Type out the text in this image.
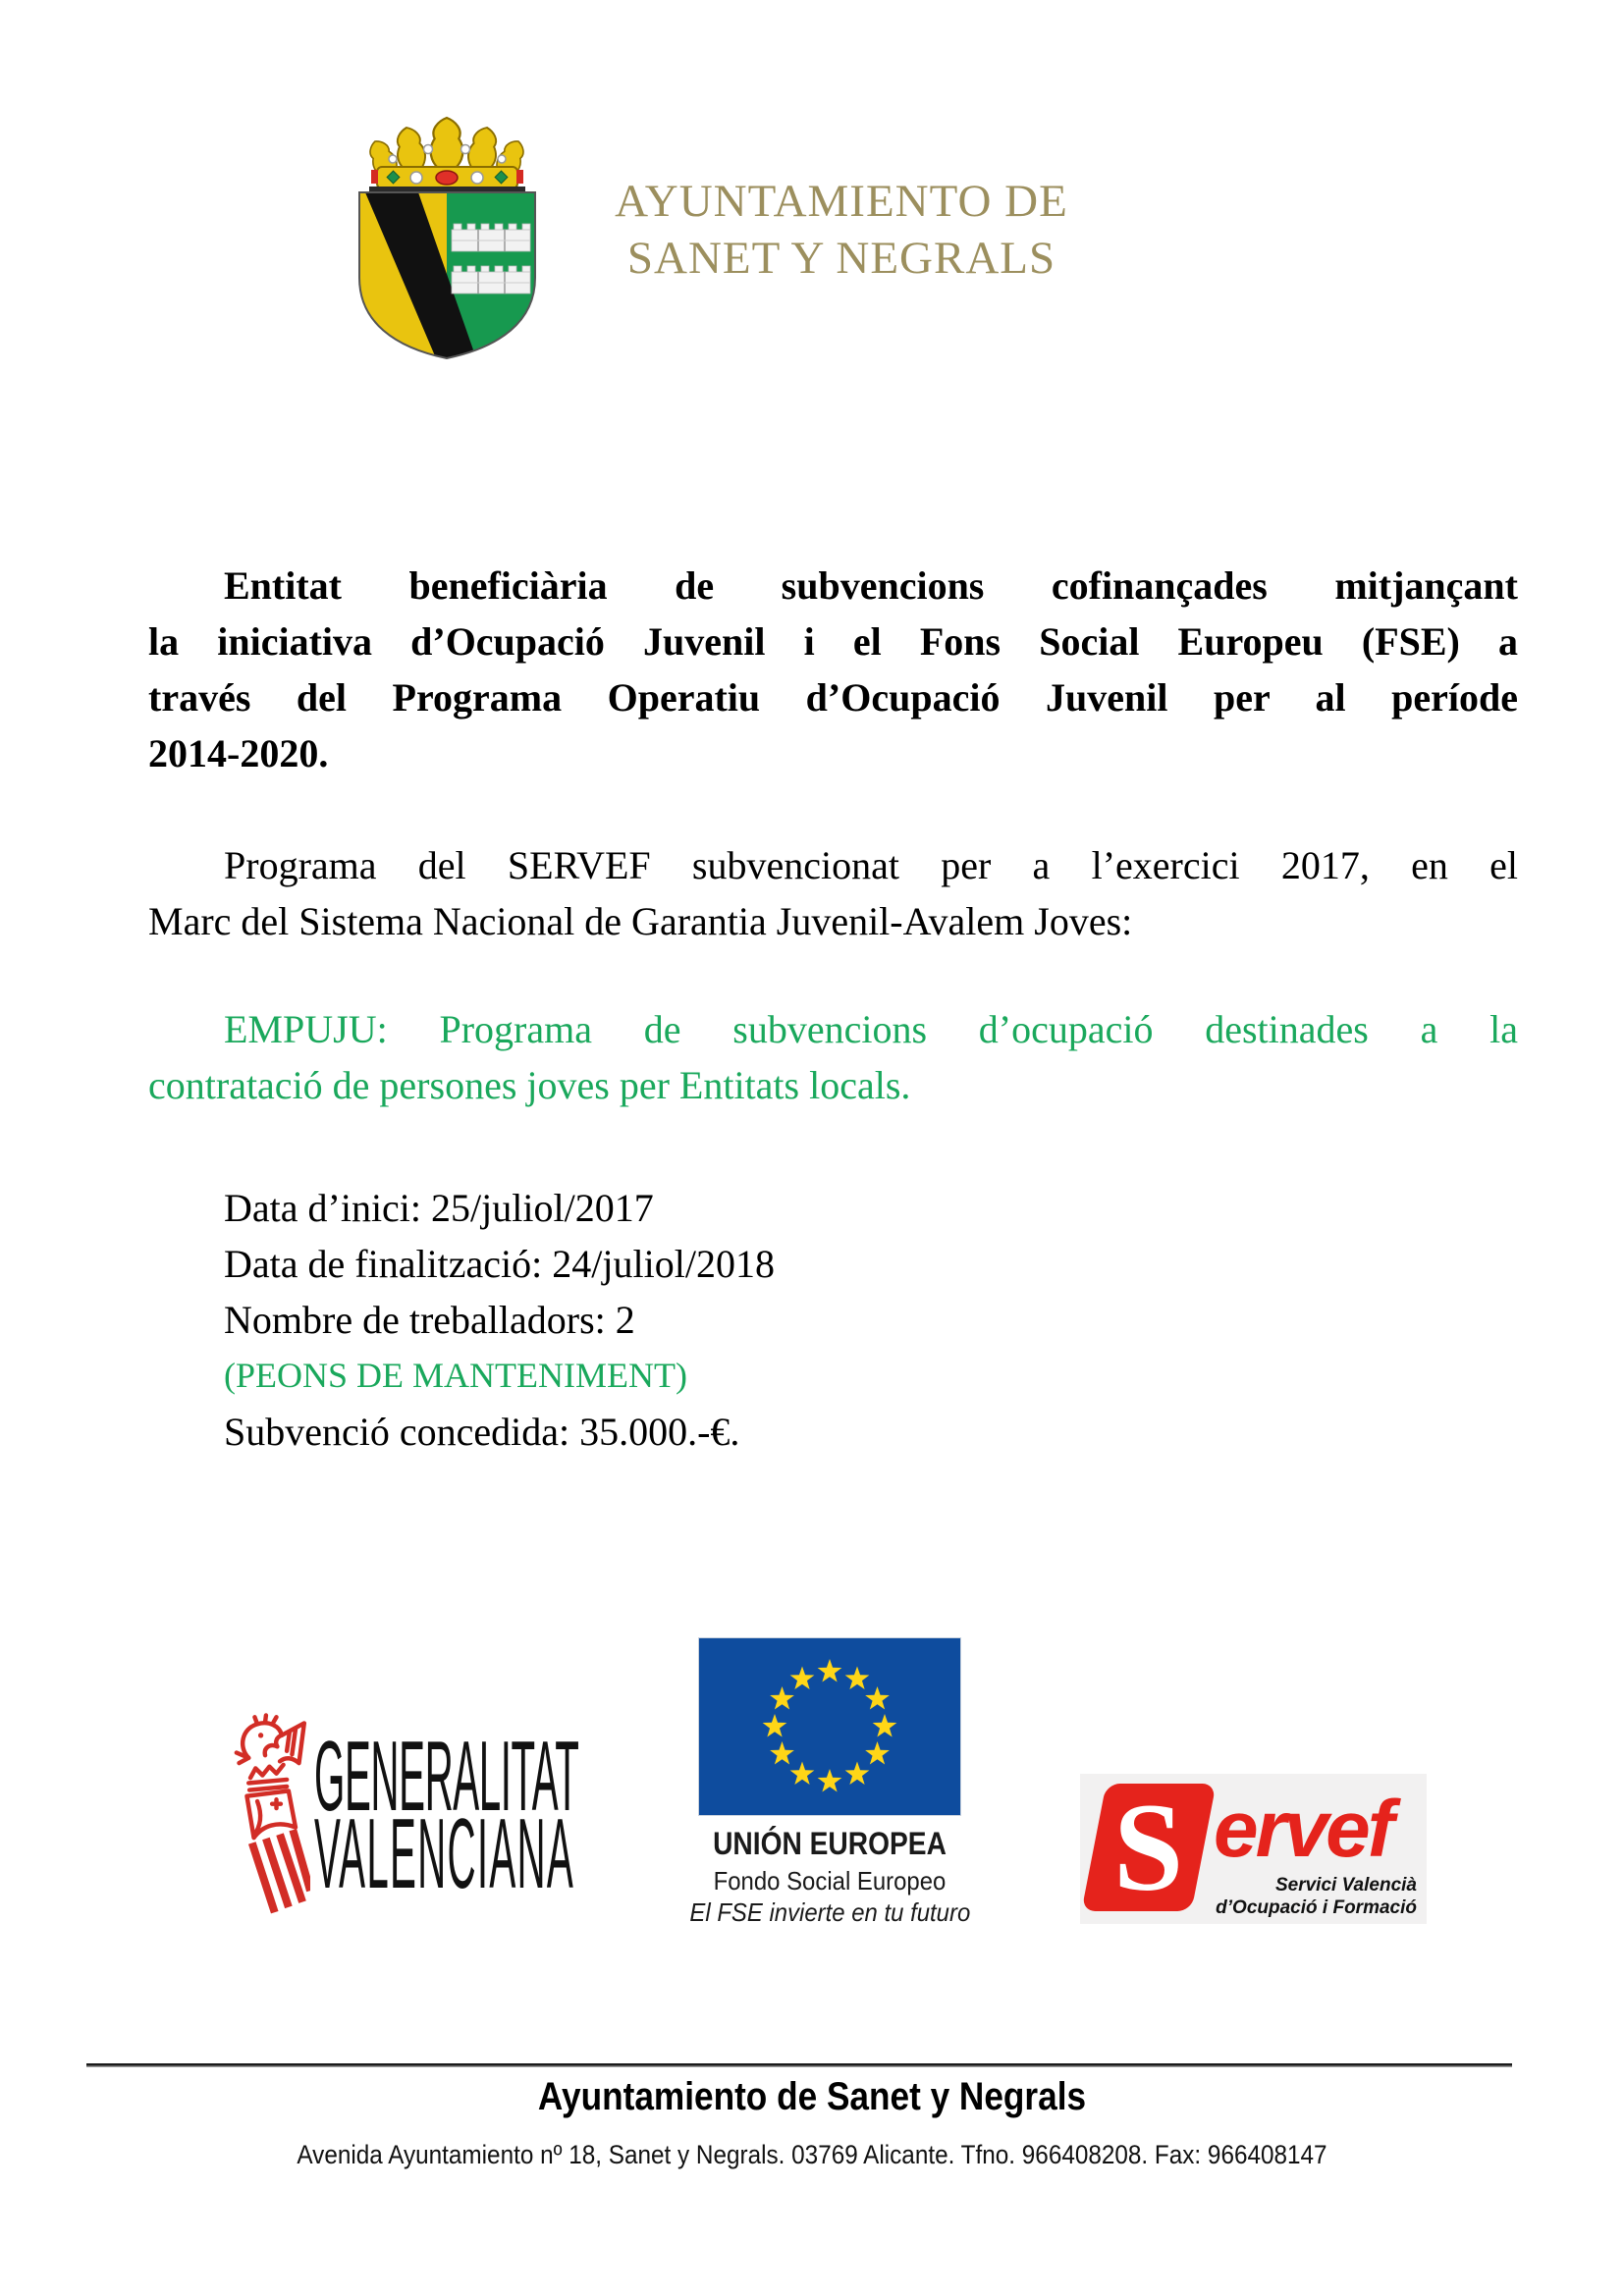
AYUNTAMIENTO DE
SANET Y NEGRALS
Entitat beneficiària de subvencions cofinançades mitjançant
la iniciativa d’Ocupació Juvenil i el Fons Social Europeu (FSE) a
través del Programa Operatiu d’Ocupació Juvenil per al període
2014-2020.
Programa del SERVEF subvencionat per a l’exercici 2017, en el
Marc del Sistema Nacional de Garantia Juvenil-Avalem Joves:
EMPUJU: Programa de subvencions d’ocupació destinades a la
contratació de persones joves per Entitats locals.
Data d’inici: 25/juliol/2017
Data de finalització: 24/juliol/2018
Nombre de treballadors: 2
(PEONS DE MANTENIMENT)
Subvenció concedida: 35.000.-€.
GENERALITAT
VALENCIANA	UNIÓN EUROPEA
Fondo Social Europeo
El FSE invierte en tu futuro S ervef
Servici Valencià
d’Ocupació i Formació
Ayuntamiento de Sanet y Negrals
Avenida Ayuntamiento nº 18, Sanet y Negrals. 03769 Alicante. Tfno. 966408208. Fax: 966408147
